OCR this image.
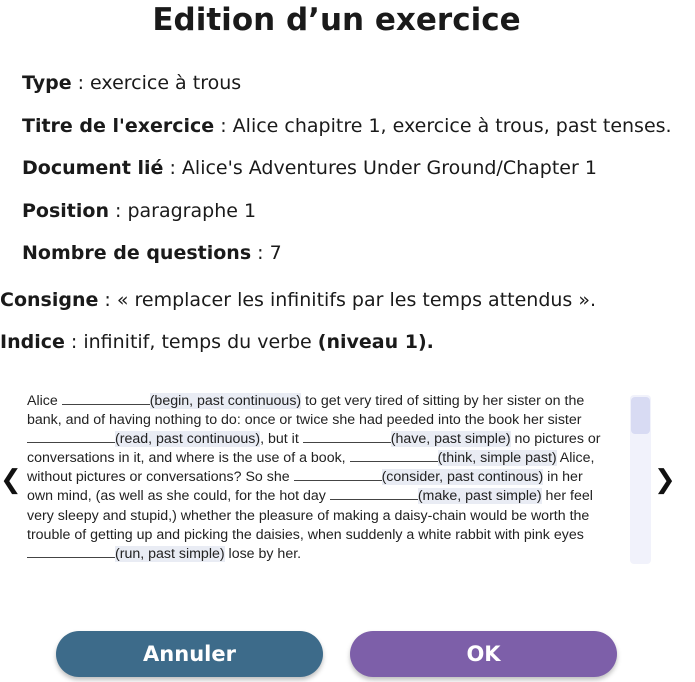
Edition d’un exercice
Type : exercice à trous
Titre de l'exercice : Alice chapitre 1, exercice à trous, past tenses.
Document lié : Alice's Adventures Under Ground/Chapter 1
Position : paragraphe 1
Nombre de questions : 7
Consigne : « remplacer les infinitifs par les temps attendus ».
Indice : infinitif, temps du verbe (niveau 1).
❮	❯
Alice	(begin, past continuous) to get very tired of sitting by her sister on the
bank, and of having nothing to do: once or twice she had peeded into the book her sister
(read, past continuous), but it	(have, past simple) no pictures or
conversations in it, and where is the use of a book,	(think, simple past) Alice,
without pictures or conversations? So she	(consider, past continous) in her
own mind, (as well as she could, for the hot day	(make, past simple) her feel
very sleepy and stupid,) whether the pleasure of making a daisy-chain would be worth the
trouble of getting up and picking the daisies, when suddenly a white rabbit with pink eyes
(run, past simple) lose by her.
Annuler	OK
